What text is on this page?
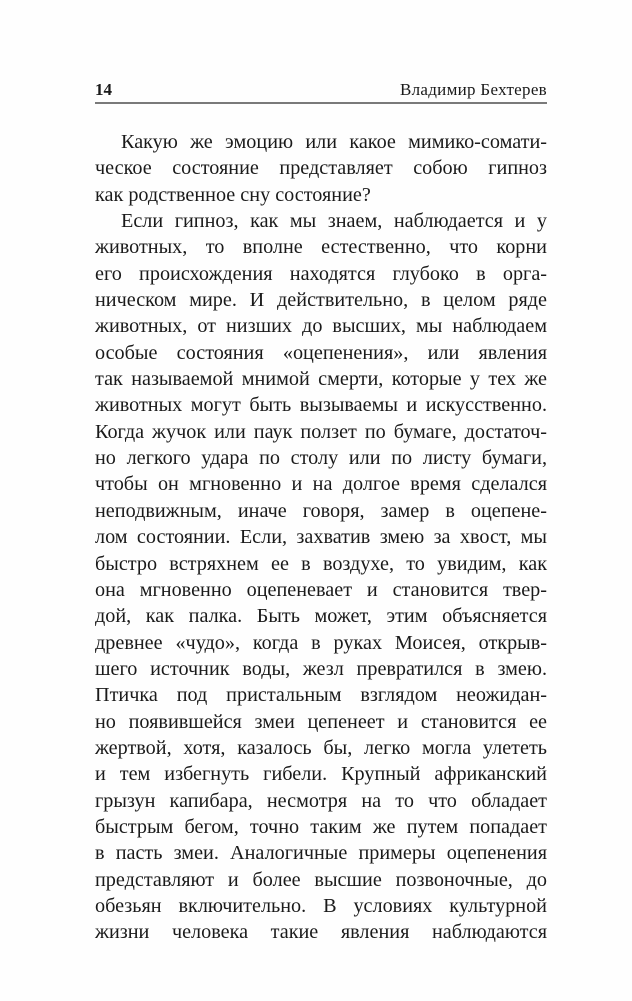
14	Владимир Бехтерев
Какую же эмоцию или какое мимико-сомати-
ческое состояние представляет собою гипноз
как родственное сну состояние?
Если гипноз, как мы знаем, наблюдается и у
животных, то вполне естественно, что корни
его происхождения находятся глубоко в орга-
ническом мире. И действительно, в целом ряде
животных, от низших до высших, мы наблюдаем
особые состояния «оцепенения», или явления
так называемой мнимой смерти, которые у тех же
животных могут быть вызываемы и искусственно.
Когда жучок или паук ползет по бумаге, достаточ-
но легкого удара по столу или по листу бумаги,
чтобы он мгновенно и на долгое время сделался
неподвижным, иначе говоря, замер в оцепене-
лом состоянии. Если, захватив змею за хвост, мы
быстро встряхнем ее в воздухе, то увидим, как
она мгновенно оцепеневает и становится твер-
дой, как палка. Быть может, этим объясняется
древнее «чудо», когда в руках Моисея, открыв-
шего источник воды, жезл превратился в змею.
Птичка под пристальным взглядом неожидан-
но появившейся змеи цепенеет и становится ее
жертвой, хотя, казалось бы, легко могла улететь
и тем избегнуть гибели. Крупный африканский
грызун капибара, несмотря на то что обладает
быстрым бегом, точно таким же путем попадает
в пасть змеи. Аналогичные примеры оцепенения
представляют и более высшие позвоночные, до
обезьян включительно. В условиях культурной
жизни человека такие явления наблюдаются
